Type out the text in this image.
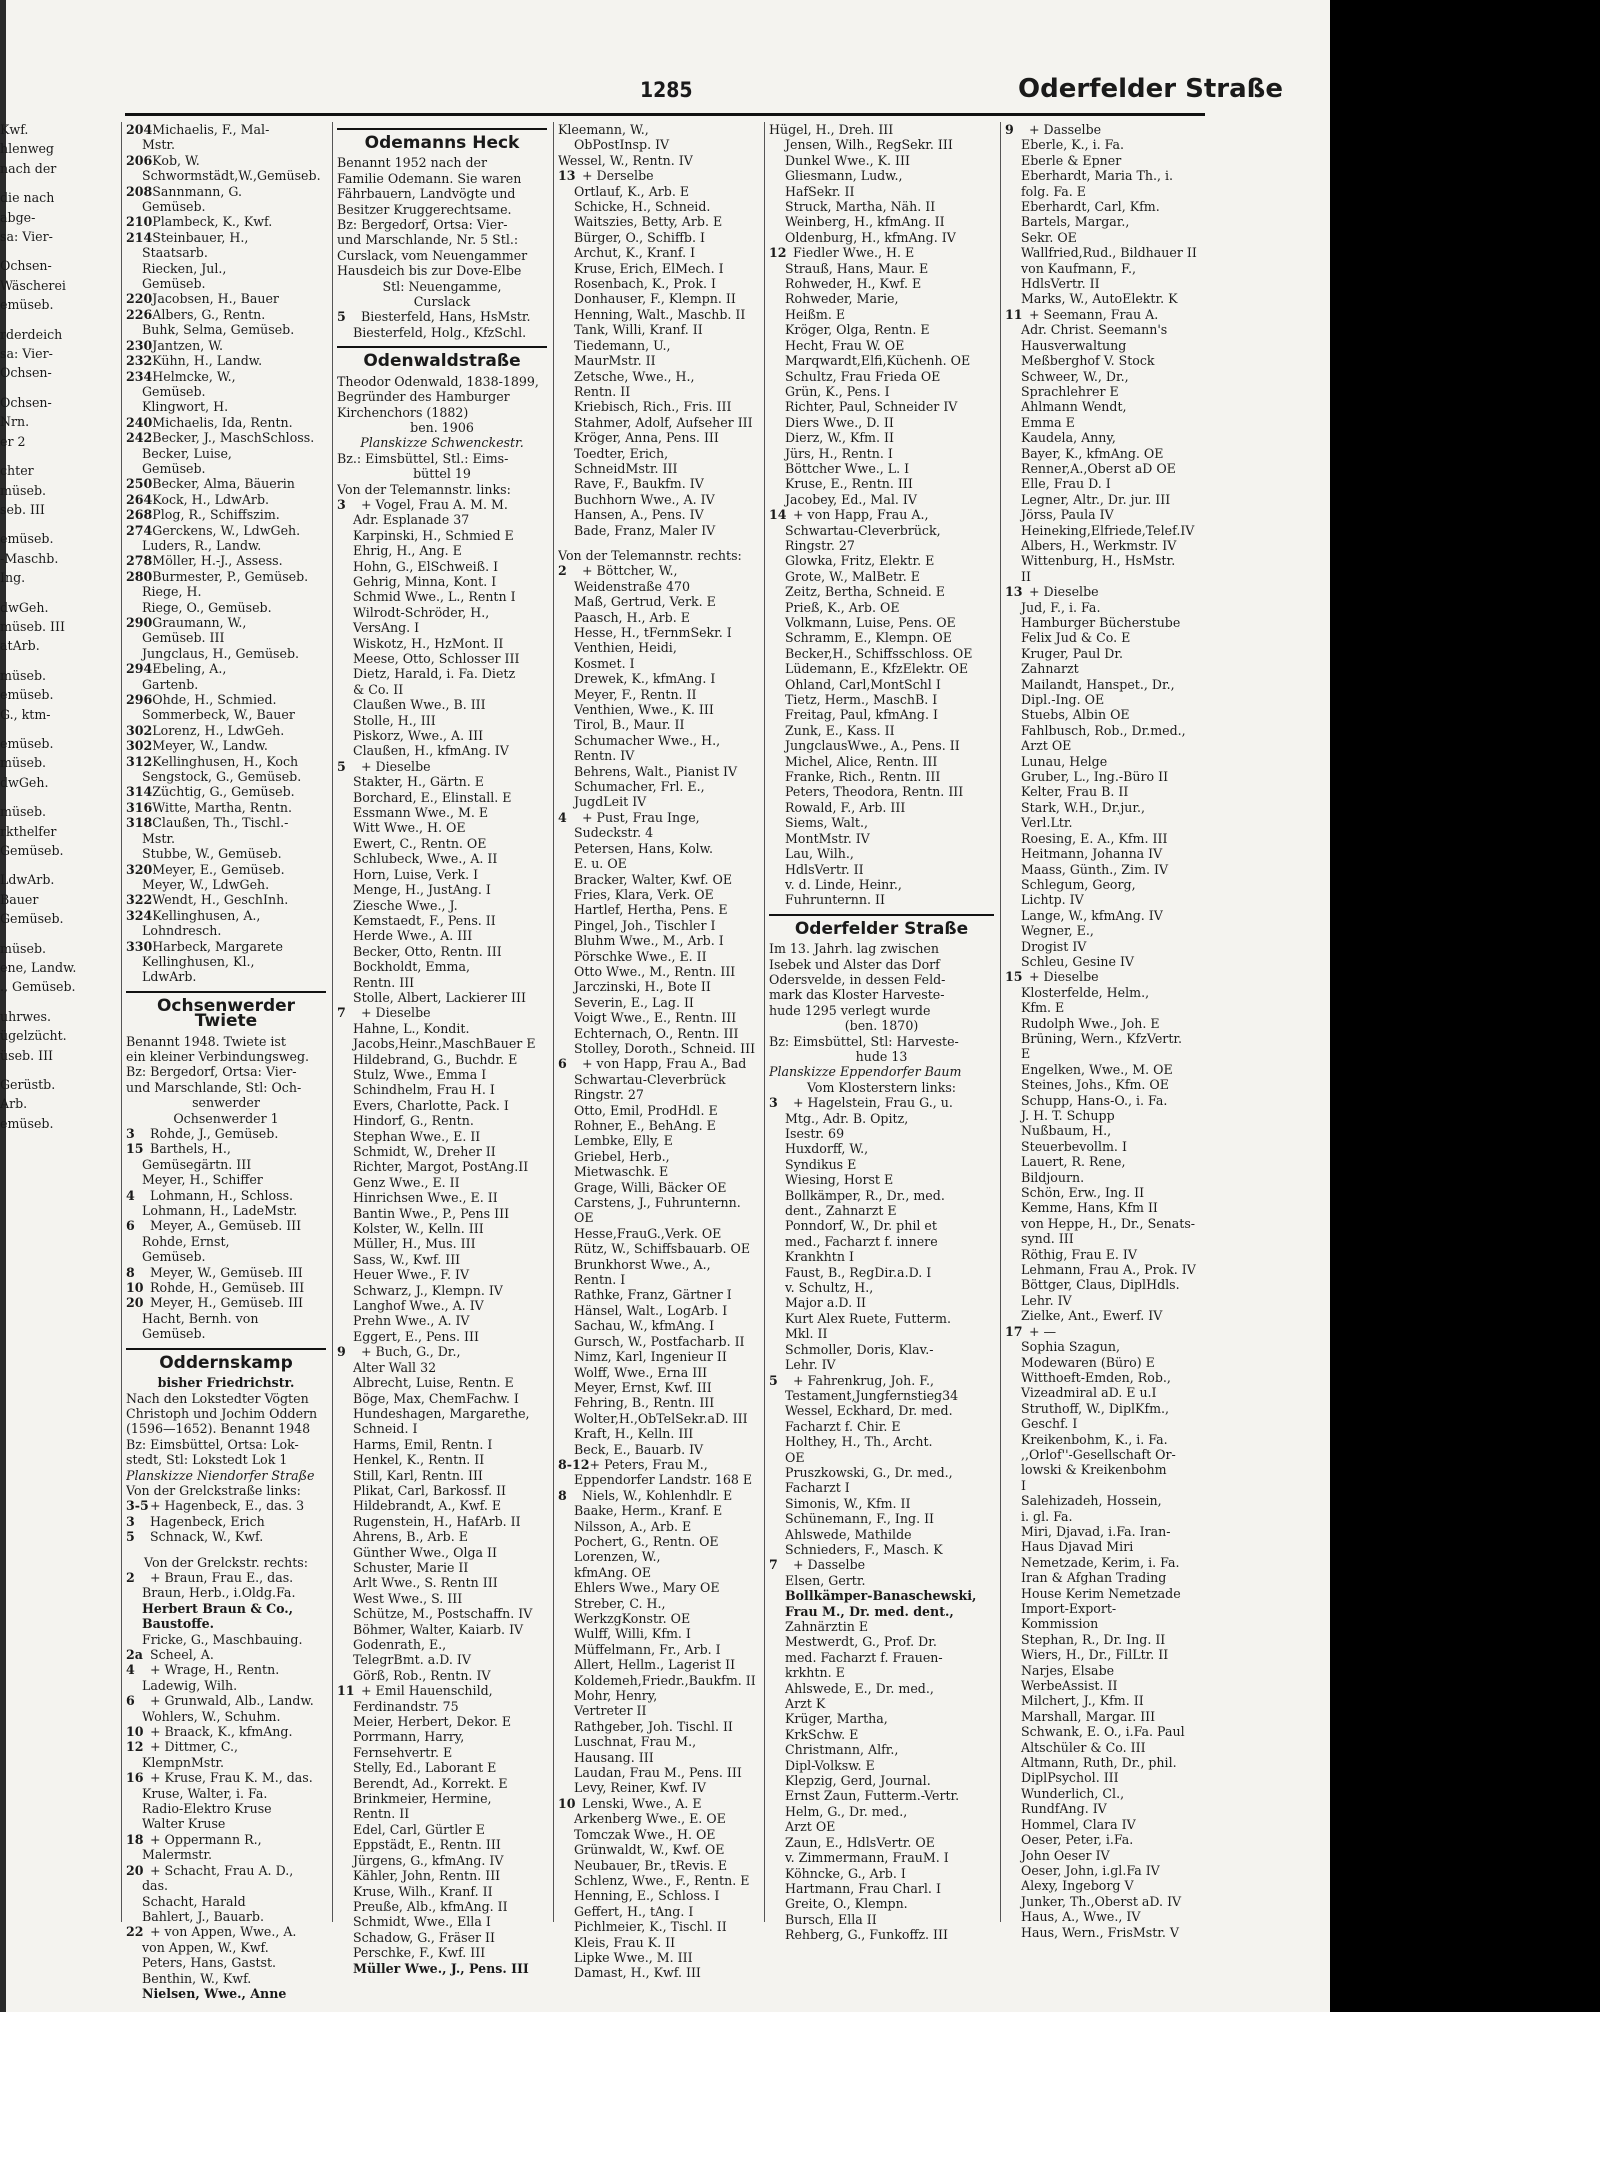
1285	Oderfelder Straße
Kwf.
hlenweg
nach der
die nach
abge-
sa: Vier-
Ochsen-
Wäscherei
emüseb.
rderdeich
sa: Vier-
Ochsen-
Ochsen-
Nrn.
er 2
chter
müseb.
seb. III
emüseb.
-Maschb.
Ing.
dwGeh.
müseb. III
atArb.
müseb.
emüseb.
G., ktm-
emüseb.
müseb.
dwGeh.
müseb.
rkthelfer
Gemüseb.
LdwArb.
Bauer
Gemüseb.
müseb.
ene, Landw.
., Gemüseb.
uhrwes.
ügelzücht.
üseb. III
Gerüstb.
Arb.
emüseb.
204Michaelis, F., Mal-
Mstr.
206Kob, W.
Schwormstädt,W.,Gemüseb.
208Sannmann, G.
Gemüseb.
210Plambeck, K., Kwf.
214Steinbauer, H.,
Staatsarb.
Riecken, Jul.,
Gemüseb.
220Jacobsen, H., Bauer
226Albers, G., Rentn.
Buhk, Selma, Gemüseb.
230Jantzen, W.
232Kühn, H., Landw.
234Helmcke, W.,
Gemüseb.
Klingwort, H.
240Michaelis, Ida, Rentn.
242Becker, J., MaschSchloss.
Becker, Luise,
Gemüseb.
250Becker, Alma, Bäuerin
264Kock, H., LdwArb.
268Plog, R., Schiffszim.
274Gerckens, W., LdwGeh.
Luders, R., Landw.
278Möller, H.-J., Assess.
280Burmester, P., Gemüseb.
Riege, H.
Riege, O., Gemüseb.
290Graumann, W.,
Gemüseb. III
Jungclaus, H., Gemüseb.
294Ebeling, A.,
Gartenb.
296Ohde, H., Schmied.
Sommerbeck, W., Bauer
302Lorenz, H., LdwGeh.
302Meyer, W., Landw.
312Kellinghusen, H., Koch
Sengstock, G., Gemüseb.
314Züchtig, G., Gemüseb.
316Witte, Martha, Rentn.
318Claußen, Th., Tischl.-
Mstr.
Stubbe, W., Gemüseb.
320Meyer, E., Gemüseb.
Meyer, W., LdwGeh.
322Wendt, H., GeschInh.
324Kellinghusen, A.,
Lohndresch.
330Harbeck, Margarete
Kellinghusen, Kl.,
LdwArb.
Ochsenwerder Twiete
Benannt 1948. Twiete ist
ein kleiner Verbindungsweg.
Bz: Bergedorf, Ortsa: Vier-
und Marschlande, Stl: Och-
senwerder
Ochsenwerder 1
3 Rohde, J., Gemüseb.
15 Barthels, H.,
Gemüsegärtn. III
Meyer, H., Schiffer
4 Lohmann, H., Schloss.
Lohmann, H., LadeMstr.
6 Meyer, A., Gemüseb. III
Rohde, Ernst,
Gemüseb.
8 Meyer, W., Gemüseb. III
10 Rohde, H., Gemüseb. III
20 Meyer, H., Gemüseb. III
Hacht, Bernh. von
Gemüseb.
Oddernskamp
bisher Friedrichstr.
Nach den Lokstedter Vögten
Christoph und Jochim Oddern
(1596—1652). Benannt 1948
Bz: Eimsbüttel, Ortsa: Lok-
stedt, Stl: Lokstedt Lok 1
Planskizze Niendorfer Straße
Von der Grelckstraße links:
3-5+ Hagenbeck, E., das. 3
3 Hagenbeck, Erich
5 Schnack, W., Kwf.
Von der Grelckstr. rechts:
2 + Braun, Frau E., das.
Braun, Herb., i.Oldg.Fa.
Herbert Braun & Co.,
Baustoffe.
Fricke, G., Maschbauing.
2a Scheel, A.
4 + Wrage, H., Rentn.
Ladewig, Wilh.
6 + Grunwald, Alb., Landw.
Wohlers, W., Schuhm.
10 + Braack, K., kfmAng.
12 + Dittmer, C.,
KlempnMstr.
16 + Kruse, Frau K. M., das.
Kruse, Walter, i. Fa.
Radio-Elektro Kruse
Walter Kruse
18 + Oppermann R.,
Malermstr.
20 + Schacht, Frau A. D.,
das.
Schacht, Harald
Bahlert, J., Bauarb.
22 + von Appen, Wwe., A.
von Appen, W., Kwf.
Peters, Hans, Gastst.
Benthin, W., Kwf.
Nielsen, Wwe., Anne
Odemanns Heck
Benannt 1952 nach der
Familie Odemann. Sie waren
Fährbauern, Landvögte und
Besitzer Kruggerechtsame.
Bz: Bergedorf, Ortsa: Vier-
und Marschlande, Nr. 5 Stl.:
Curslack, vom Neuengammer
Hausdeich bis zur Dove-Elbe
Stl: Neuengamme,
Curslack
5 Biesterfeld, Hans, HsMstr.
Biesterfeld, Holg., KfzSchl.
Odenwaldstraße
Theodor Odenwald, 1838-1899,
Begründer des Hamburger
Kirchenchors (1882)
ben. 1906
Planskizze Schwenckestr.
Bz.: Eimsbüttel, Stl.: Eims-
büttel 19
Von der Telemannstr. links:
3 + Vogel, Frau A. M. M.
Adr. Esplanade 37
Karpinski, H., Schmied E
Ehrig, H., Ang. E
Hohn, G., ElSchweiß. I
Gehrig, Minna, Kont. I
Schmid Wwe., L., Rentn I
Wilrodt-Schröder, H.,
VersAng. I
Wiskotz, H., HzMont. II
Meese, Otto, Schlosser III
Dietz, Harald, i. Fa. Dietz
& Co. II
Claußen Wwe., B. III
Stolle, H., III
Piskorz, Wwe., A. III
Claußen, H., kfmAng. IV
5 + Dieselbe
Stakter, H., Gärtn. E
Borchard, E., Elinstall. E
Essmann Wwe., M. E
Witt Wwe., H. OE
Ewert, C., Rentn. OE
Schlubeck, Wwe., A. II
Horn, Luise, Verk. I
Menge, H., JustAng. I
Ziesche Wwe., J.
Kemstaedt, F., Pens. II
Herde Wwe., A. III
Becker, Otto, Rentn. III
Bockholdt, Emma,
Rentn. III
Stolle, Albert, Lackierer III
7 + Dieselbe
Hahne, L., Kondit.
Jacobs,Heinr.,MaschBauer E
Hildebrand, G., Buchdr. E
Stulz, Wwe., Emma I
Schindhelm, Frau H. I
Evers, Charlotte, Pack. I
Hindorf, G., Rentn.
Stephan Wwe., E. II
Schmidt, W., Dreher II
Richter, Margot, PostAng.II
Genz Wwe., E. II
Hinrichsen Wwe., E. II
Bantin Wwe., P., Pens III
Kolster, W., Kelln. III
Müller, H., Mus. III
Sass, W., Kwf. III
Heuer Wwe., F. IV
Schwarz, J., Klempn. IV
Langhof Wwe., A. IV
Prehn Wwe., A. IV
Eggert, E., Pens. III
9 + Buch, G., Dr.,
Alter Wall 32
Albrecht, Luise, Rentn. E
Böge, Max, ChemFachw. I
Hundeshagen, Margarethe,
Schneid. I
Harms, Emil, Rentn. I
Henkel, K., Rentn. II
Still, Karl, Rentn. III
Plikat, Carl, Barkossf. II
Hildebrandt, A., Kwf. E
Rugenstein, H., HafArb. II
Ahrens, B., Arb. E
Günther Wwe., Olga II
Schuster, Marie II
Arlt Wwe., S. Rentn III
West Wwe., S. III
Schütze, M., Postschaffn. IV
Böhmer, Walter, Kaiarb. IV
Godenrath, E.,
TelegrBmt. a.D. IV
Görß, Rob., Rentn. IV
11 + Emil Hauenschild,
Ferdinandstr. 75
Meier, Herbert, Dekor. E
Porrmann, Harry,
Fernsehvertr. E
Stelly, Ed., Laborant E
Berendt, Ad., Korrekt. E
Brinkmeier, Hermine,
Rentn. II
Edel, Carl, Gürtler E
Eppstädt, E., Rentn. III
Jürgens, G., kfmAng. IV
Kähler, John, Rentn. III
Kruse, Wilh., Kranf. II
Preuße, Alb., kfmAng. II
Schmidt, Wwe., Ella I
Schadow, G., Fräser II
Perschke, F., Kwf. III
Müller Wwe., J., Pens. III
Kleemann, W.,
ObPostInsp. IV
Wessel, W., Rentn. IV
13 + Derselbe
Ortlauf, K., Arb. E
Schicke, H., Schneid.
Waitszies, Betty, Arb. E
Bürger, O., Schiffb. I
Archut, K., Kranf. I
Kruse, Erich, ElMech. I
Rosenbach, K., Prok. I
Donhauser, F., Klempn. II
Henning, Walt., Maschb. II
Tank, Willi, Kranf. II
Tiedemann, U.,
MaurMstr. II
Zetsche, Wwe., H.,
Rentn. II
Kriebisch, Rich., Fris. III
Stahmer, Adolf, Aufseher III
Kröger, Anna, Pens. III
Toedter, Erich,
SchneidMstr. III
Rave, F., Baukfm. IV
Buchhorn Wwe., A. IV
Hansen, A., Pens. IV
Bade, Franz, Maler IV
Von der Telemannstr. rechts:
2 + Böttcher, W.,
Weidenstraße 470
Maß, Gertrud, Verk. E
Paasch, H., Arb. E
Hesse, H., tFernmSekr. I
Venthien, Heidi,
Kosmet. I
Drewek, K., kfmAng. I
Meyer, F., Rentn. II
Venthien, Wwe., K. III
Tirol, B., Maur. II
Schumacher Wwe., H.,
Rentn. IV
Behrens, Walt., Pianist IV
Schumacher, Frl. E.,
JugdLeit IV
4 + Pust, Frau Inge,
Sudeckstr. 4
Petersen, Hans, Kolw.
E. u. OE
Bracker, Walter, Kwf. OE
Fries, Klara, Verk. OE
Hartlef, Hertha, Pens. E
Pingel, Joh., Tischler I
Bluhm Wwe., M., Arb. I
Pörschke Wwe., E. II
Otto Wwe., M., Rentn. III
Jarczinski, H., Bote II
Severin, E., Lag. II
Voigt Wwe., E., Rentn. III
Echternach, O., Rentn. III
Stolley, Doroth., Schneid. III
6 + von Happ, Frau A., Bad
Schwartau-Cleverbrück
Ringstr. 27
Otto, Emil, ProdHdl. E
Rohner, E., BehAng. E
Lembke, Elly, E
Griebel, Herb.,
Mietwaschk. E
Grage, Willi, Bäcker OE
Carstens, J., Fuhrunternn.
OE
Hesse,FrauG.,Verk. OE
Rütz, W., Schiffsbauarb. OE
Brunkhorst Wwe., A.,
Rentn. I
Rathke, Franz, Gärtner I
Hänsel, Walt., LogArb. I
Sachau, W., kfmAng. I
Gursch, W., Postfacharb. II
Nimz, Karl, Ingenieur II
Wolff, Wwe., Erna III
Meyer, Ernst, Kwf. III
Fehring, B., Rentn. III
Wolter,H.,ObTelSekr.aD. III
Kraft, H., Kelln. III
Beck, E., Bauarb. IV
8-12+ Peters, Frau M.,
Eppendorfer Landstr. 168 E
8 Niels, W., Kohlenhdlr. E
Baake, Herm., Kranf. E
Nilsson, A., Arb. E
Pochert, G., Rentn. OE
Lorenzen, W.,
kfmAng. OE
Ehlers Wwe., Mary OE
Streber, C. H.,
WerkzgKonstr. OE
Wulff, Willi, Kfm. I
Müffelmann, Fr., Arb. I
Allert, Hellm., Lagerist II
Koldemeh,Friedr.,Baukfm. II
Mohr, Henry,
Vertreter II
Rathgeber, Joh. Tischl. II
Luschnat, Frau M.,
Hausang. III
Laudan, Frau M., Pens. III
Levy, Reiner, Kwf. IV
10 Lenski, Wwe., A. E
Arkenberg Wwe., E. OE
Tomczak Wwe., H. OE
Grünwaldt, W., Kwf. OE
Neubauer, Br., tRevis. E
Schlenz, Wwe., F., Rentn. E
Henning, E., Schloss. I
Geffert, H., tAng. I
Pichlmeier, K., Tischl. II
Kleis, Frau K. II
Lipke Wwe., M. III
Damast, H., Kwf. III
Hügel, H., Dreh. III
Jensen, Wilh., RegSekr. III
Dunkel Wwe., K. III
Gliesmann, Ludw.,
HafSekr. II
Struck, Martha, Näh. II
Weinberg, H., kfmAng. II
Oldenburg, H., kfmAng. IV
12 Fiedler Wwe., H. E
Strauß, Hans, Maur. E
Rohweder, H., Kwf. E
Rohweder, Marie,
Heißm. E
Kröger, Olga, Rentn. E
Hecht, Frau W. OE
Marqwardt,Elfi,Küchenh. OE
Schultz, Frau Frieda OE
Grün, K., Pens. I
Richter, Paul, Schneider IV
Diers Wwe., D. II
Dierz, W., Kfm. II
Jürs, H., Rentn. I
Böttcher Wwe., L. I
Kruse, E., Rentn. III
Jacobey, Ed., Mal. IV
14 + von Happ, Frau A.,
Schwartau-Cleverbrück,
Ringstr. 27
Glowka, Fritz, Elektr. E
Grote, W., MalBetr. E
Zeitz, Bertha, Schneid. E
Prieß, K., Arb. OE
Volkmann, Luise, Pens. OE
Schramm, E., Klempn. OE
Becker,H., Schiffsschloss. OE
Lüdemann, E., KfzElektr. OE
Ohland, Carl,MontSchl I
Tietz, Herm., MaschB. I
Freitag, Paul, kfmAng. I
Zunk, E., Kass. II
JungclausWwe., A., Pens. II
Michel, Alice, Rentn. III
Franke, Rich., Rentn. III
Peters, Theodora, Rentn. III
Rowald, F., Arb. III
Siems, Walt.,
MontMstr. IV
Lau, Wilh.,
HdlsVertr. II
v. d. Linde, Heinr.,
Fuhrunternn. II
Oderfelder Straße
Im 13. Jahrh. lag zwischen
Isebek und Alster das Dorf
Odersvelde, in dessen Feld-
mark das Kloster Harveste-
hude 1295 verlegt wurde
(ben. 1870)
Bz: Eimsbüttel, Stl: Harveste-
hude 13
Planskizze Eppendorfer Baum
Vom Klosterstern links:
3 + Hagelstein, Frau G., u.
Mtg., Adr. B. Opitz,
Isestr. 69
Huxdorff, W.,
Syndikus E
Wiesing, Horst E
Bollkämper, R., Dr., med.
dent., Zahnarzt E
Ponndorf, W., Dr. phil et
med., Facharzt f. innere
Krankhtn I
Faust, B., RegDir.a.D. I
v. Schultz, H.,
Major a.D. II
Kurt Alex Ruete, Futterm.
Mkl. II
Schmoller, Doris, Klav.-
Lehr. IV
5 + Fahrenkrug, Joh. F.,
Testament,Jungfernstieg34
Wessel, Eckhard, Dr. med.
Facharzt f. Chir. E
Holthey, H., Th., Archt.
OE
Pruszkowski, G., Dr. med.,
Facharzt I
Simonis, W., Kfm. II
Schünemann, F., Ing. II
Ahlswede, Mathilde
Schnieders, F., Masch. K
7 + Dasselbe
Elsen, Gertr.
Bollkämper-Banaschewski,
Frau M., Dr. med. dent.,
Zahnärztin E
Mestwerdt, G., Prof. Dr.
med. Facharzt f. Frauen-
krkhtn. E
Ahlswede, E., Dr. med.,
Arzt K
Krüger, Martha,
KrkSchw. E
Christmann, Alfr.,
Dipl-Volksw. E
Klepzig, Gerd, Journal.
Ernst Zaun, Futterm.-Vertr.
Helm, G., Dr. med.,
Arzt OE
Zaun, E., HdlsVertr. OE
v. Zimmermann, FrauM. I
Köhncke, G., Arb. I
Hartmann, Frau Charl. I
Greite, O., Klempn.
Bursch, Ella II
Rehberg, G., Funkoffz. III
9 + Dasselbe
Eberle, K., i. Fa.
Eberle & Epner
Eberhardt, Maria Th., i.
folg. Fa. E
Eberhardt, Carl, Kfm.
Bartels, Margar.,
Sekr. OE
Wallfried,Rud., Bildhauer II
von Kaufmann, F.,
HdlsVertr. II
Marks, W., AutoElektr. K
11 + Seemann, Frau A.
Adr. Christ. Seemann's
Hausverwaltung
Meßberghof V. Stock
Schweer, W., Dr.,
Sprachlehrer E
Ahlmann Wendt,
Emma E
Kaudela, Anny,
Bayer, K., kfmAng. OE
Renner,A.,Oberst aD OE
Elle, Frau D. I
Legner, Altr., Dr. jur. III
Jörss, Paula IV
Heineking,Elfriede,Telef.IV
Albers, H., Werkmstr. IV
Wittenburg, H., HsMstr.
II
13 + Dieselbe
Jud, F., i. Fa.
Hamburger Bücherstube
Felix Jud & Co. E
Kruger, Paul Dr.
Zahnarzt
Mailandt, Hanspet., Dr.,
Dipl.-Ing. OE
Stuebs, Albin OE
Fahlbusch, Rob., Dr.med.,
Arzt OE
Lunau, Helge
Gruber, L., Ing.-Büro II
Kelter, Frau B. II
Stark, W.H., Dr.jur.,
Verl.Ltr.
Roesing, E. A., Kfm. III
Heitmann, Johanna IV
Maass, Günth., Zim. IV
Schlegum, Georg,
Lichtp. IV
Lange, W., kfmAng. IV
Wegner, E.,
Drogist IV
Schleu, Gesine IV
15 + Dieselbe
Klosterfelde, Helm.,
Kfm. E
Rudolph Wwe., Joh. E
Brüning, Wern., KfzVertr.
E
Engelken, Wwe., M. OE
Steines, Johs., Kfm. OE
Schupp, Hans-O., i. Fa.
J. H. T. Schupp
Nußbaum, H.,
Steuerbevollm. I
Lauert, R. Rene,
Bildjourn.
Schön, Erw., Ing. II
Kemme, Hans, Kfm II
von Heppe, H., Dr., Senats-
synd. III
Röthig, Frau E. IV
Lehmann, Frau A., Prok. IV
Böttger, Claus, DiplHdls.
Lehr. IV
Zielke, Ant., Ewerf. IV
17 + —
Sophia Szagun,
Modewaren (Büro) E
Witthoeft-Emden, Rob.,
Vizeadmiral aD. E u.I
Struthoff, W., DiplKfm.,
Geschf. I
Kreikenbohm, K., i. Fa.
,,Orlof''-Gesellschaft Or-
lowski & Kreikenbohm
I
Salehizadeh, Hossein,
i. gl. Fa.
Miri, Djavad, i.Fa. Iran-
Haus Djavad Miri
Nemetzade, Kerim, i. Fa.
Iran & Afghan Trading
House Kerim Nemetzade
Import-Export-
Kommission
Stephan, R., Dr. Ing. II
Wiers, H., Dr., FilLtr. II
Narjes, Elsabe
WerbeAssist. II
Milchert, J., Kfm. II
Marshall, Margar. III
Schwank, E. O., i.Fa. Paul
Altschüler & Co. III
Altmann, Ruth, Dr., phil.
DiplPsychol. III
Wunderlich, Cl.,
RundfAng. IV
Hommel, Clara IV
Oeser, Peter, i.Fa.
John Oeser IV
Oeser, John, i.gl.Fa IV
Alexy, Ingeborg V
Junker, Th.,Oberst aD. IV
Haus, A., Wwe., IV
Haus, Wern., FrisMstr. V
